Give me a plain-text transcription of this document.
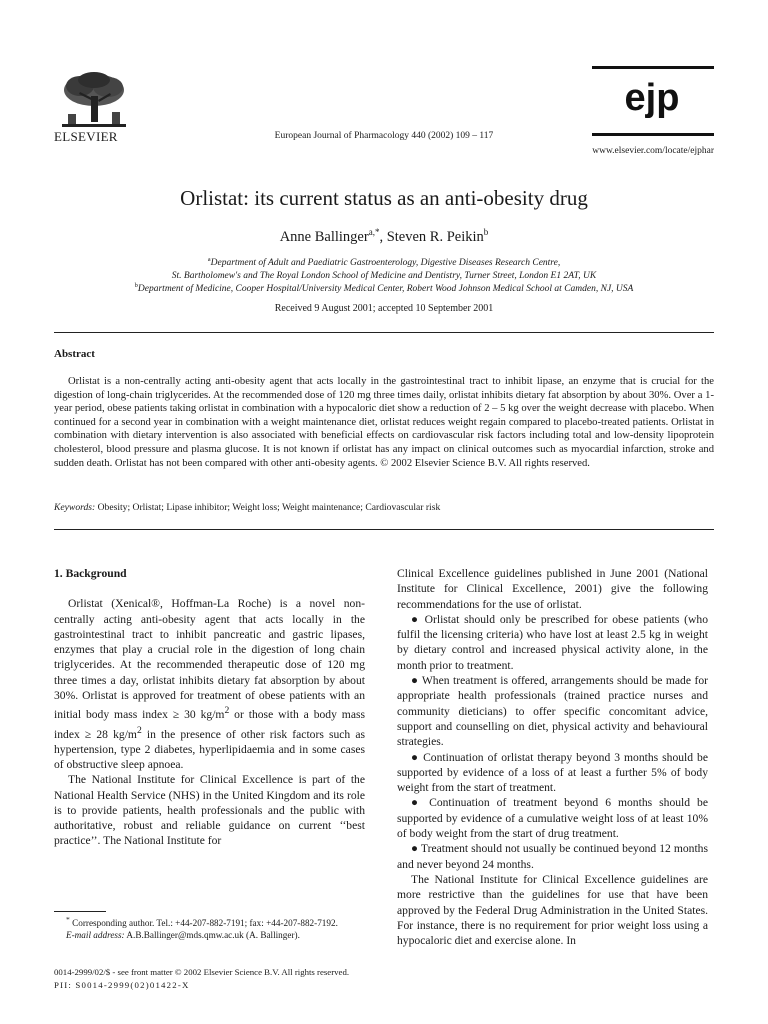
ELSEVIER	European Journal of Pharmacology 440 (2002) 109 – 117
ejp
www.elsevier.com/locate/ejphar
Orlistat: its current status as an anti-obesity drug
Anne Ballinger$^{a,*}$, Steven R. Peikin$^b$
$^a$Department of Adult and Paediatric Gastroenterology, Digestive Diseases Research Centre,
St. Bartholomew's and The Royal London School of Medicine and Dentistry, Turner Street, London E1 2AT, UK
$^b$Department of Medicine, Cooper Hospital/University Medical Center, Robert Wood Johnson Medical School at Camden, NJ, USA
Received 9 August 2001; accepted 10 September 2001
Abstract
Orlistat is a non-centrally acting anti-obesity agent that acts locally in the gastrointestinal tract to inhibit lipase, an enzyme that is crucial for the digestion of long-chain triglycerides. At the recommended dose of 120 mg three times daily, orlistat inhibits dietary fat absorption by about 30%. Over a 1-year period, obese patients taking orlistat in combination with a hypocaloric diet show a reduction of 2 – 5 kg over the weight decrease with placebo. When continued for a second year in combination with a weight maintenance diet, orlistat reduces weight regain compared to placebo-treated patients. Orlistat in combination with dietary intervention is also associated with beneficial effects on cardiovascular risk factors including total and low-density lipoprotein cholesterol, blood pressure and plasma glucose. It is not known if orlistat has any impact on clinical outcomes such as myocardial infarction, stroke and sudden death. Orlistat has not been compared with other anti-obesity agents. © 2002 Elsevier Science B.V. All rights reserved.
Keywords: Obesity; Orlistat; Lipase inhibitor; Weight loss; Weight maintenance; Cardiovascular risk

1. Background

Orlistat (Xenical®, Hoffman-La Roche) is a novel non-centrally acting anti-obesity agent that acts locally in the gastrointestinal tract to inhibit pancreatic and gastric lipases, enzymes that play a crucial role in the digestion of long chain triglycerides. At the recommended therapeutic dose of 120 mg three times a day, orlistat inhibits dietary fat absorption by about 30%. Orlistat is approved for treatment of obese patients with an initial body mass index ≥ 30 $kg/m^2$ or those with a body mass index ≥ 28 $kg/m^2$ in the presence of other risk factors such as hypertension, type 2 diabetes, hyperlipidaemia and in some cases of obstructive sleep apnoea.

The National Institute for Clinical Excellence is part of the National Health Service (NHS) in the United Kingdom and its role is to provide patients, health professionals and the public with authoritative, robust and reliable guidance on current ‘‘best practice’’. The National Institute for

Clinical Excellence guidelines published in June 2001 (National Institute for Clinical Excellence, 2001) give the following recommendations for the use of orlistat.

● Orlistat should only be prescribed for obese patients (who fulfil the licensing criteria) who have lost at least 2.5 kg in weight by dietary control and increased physical activity alone, in the month prior to treatment.

● When treatment is offered, arrangements should be made for appropriate health professionals (trained practice nurses and community dieticians) to offer specific concomitant advice, support and counselling on diet, physical activity and behavioural strategies.

● Continuation of orlistat therapy beyond 3 months should be supported by evidence of a loss of at least a further 5% of body weight from the start of treatment.

● Continuation of treatment beyond 6 months should be supported by evidence of a cumulative weight loss of at least 10% of body weight from the start of drug treatment.

● Treatment should not usually be continued beyond 12 months and never beyond 24 months.

The National Institute for Clinical Excellence guidelines are more restrictive than the guidelines for use that have been approved by the Federal Drug Administration in the United States. For instance, there is no requirement for prior weight loss using a hypocaloric diet and exercise alone. In

* Corresponding author. Tel.: +44-207-882-7191; fax: +44-207-882-7192.
E-mail address: A.B.Ballinger@mds.qmw.ac.uk (A. Ballinger).
0014-2999/02/$ - see front matter © 2002 Elsevier Science B.V. All rights reserved.
PII: S0014-2999(02)01422-X
